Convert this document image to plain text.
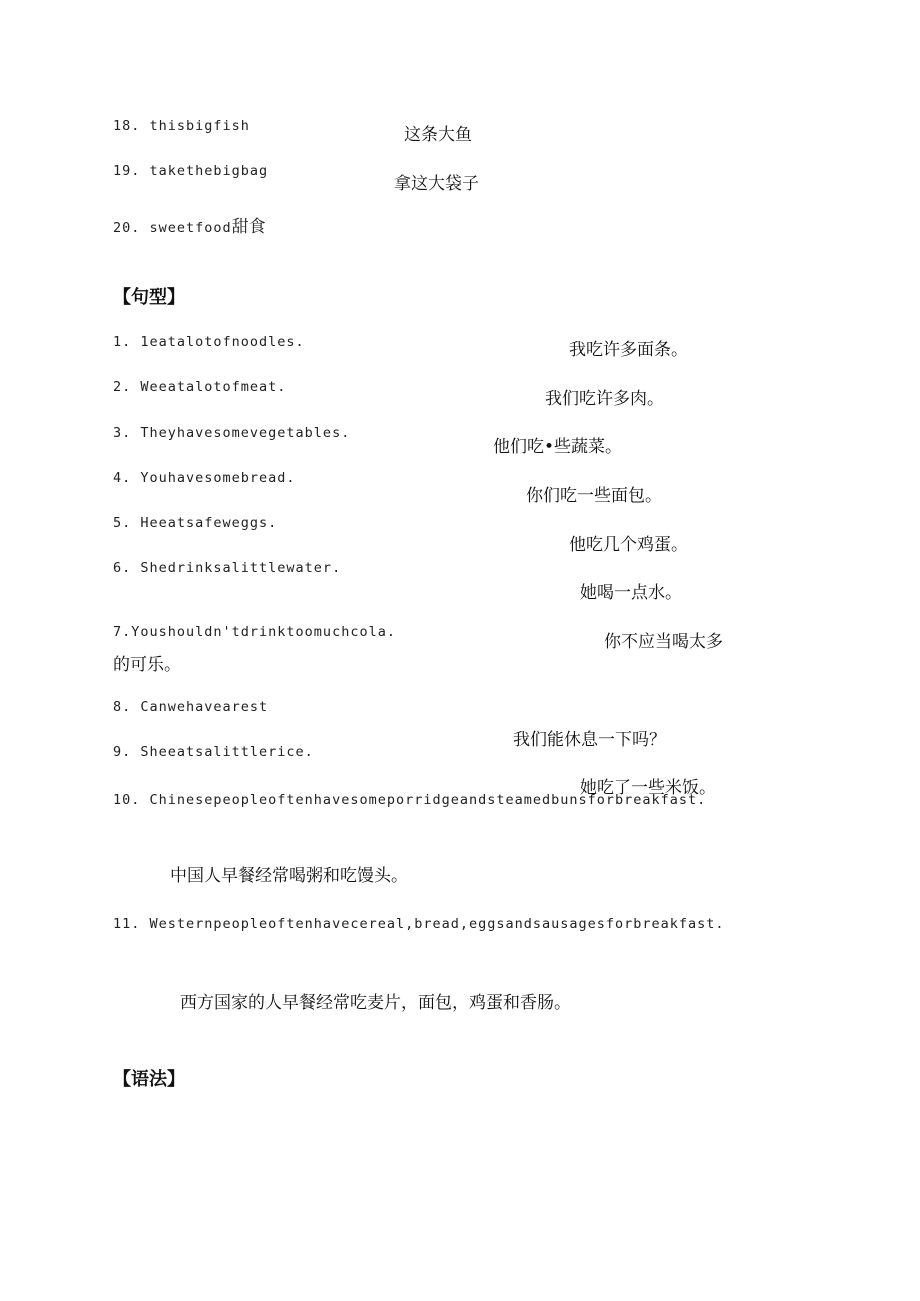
18. thisbigfish	这条大鱼
19. takethebigbag
拿这大袋子
20. sweetfood甜食
【句型】
1. 1eatalotofnoodles.	我吃许多面条。
2. Weeatalotofmeat.
我们吃许多肉。
3. Theyhavesomevegetables.
他们吃•些蔬菜。
4. Youhavesomebread.
你们吃一些面包。
5. Heeatsafeweggs.
他吃几个鸡蛋。
6. Shedrinksalittlewater.
她喝一点水。
7.Youshouldn'tdrinktoomuchcola.	你不应当喝太多
的可乐。
8. Canwehavearest
我们能休息一下吗？
9. Sheeatsalittlerice.
她吃了一些米饭。
10. Chinesepeopleoftenhavesomeporridgeandsteamedbunsforbreakfast.
中国人早餐经常喝粥和吃馒头。
11. Westernpeopleoftenhavecereal,bread,eggsandsausagesforbreakfast.
西方国家的人早餐经常吃麦片，面包，鸡蛋和香肠。
【语法】
